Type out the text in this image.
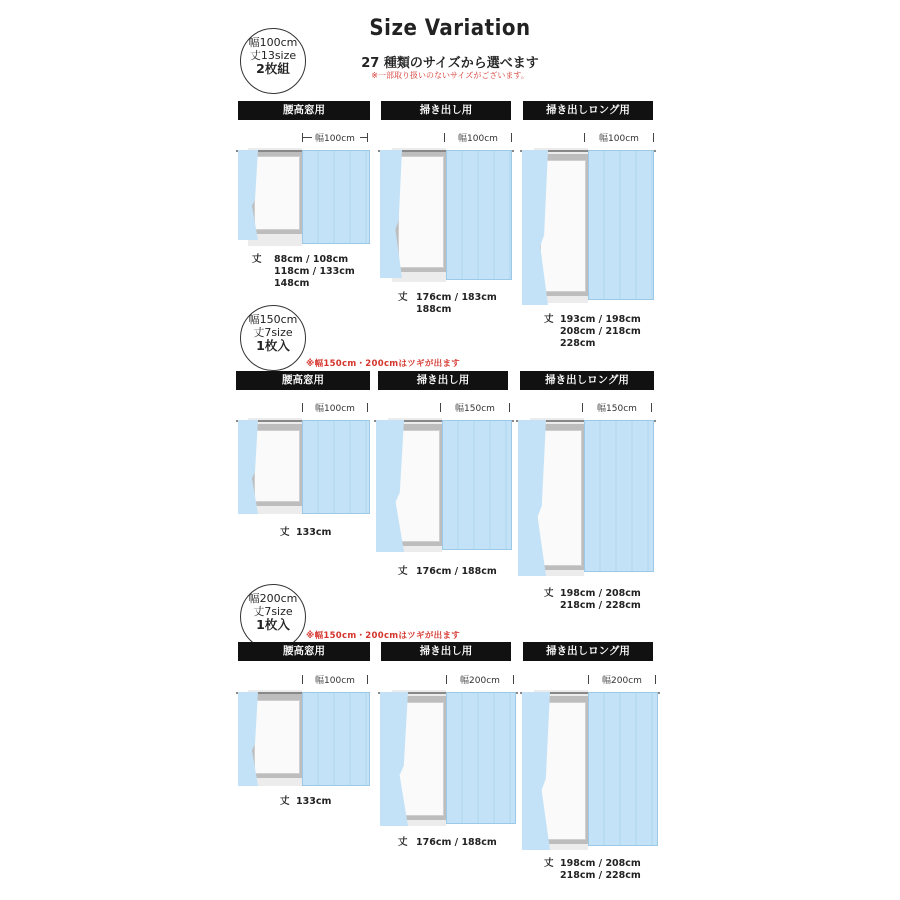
Size Variation
27 種類のサイズから選べます
※一部取り扱いのないサイズがございます。
幅100cm
丈13size
2枚組
腰高窓用	掃き出し用	掃き出しロング用
幅100cm
丈	88cm / 108cm
118cm / 133cm
148cm
幅100cm
丈 176cm / 183cm
188cm
幅100cm
丈 193cm / 198cm
208cm / 218cm
228cm
幅150cm
丈7size
1枚入
※幅150cm・200cmはツギが出ます
腰高窓用	掃き出し用	掃き出しロング用
幅100cm
丈 133cm
幅150cm
丈 176cm / 188cm
幅150cm
丈 198cm / 208cm
218cm / 228cm
幅200cm
丈7size
1枚入
※幅150cm・200cmはツギが出ます
腰高窓用	掃き出し用	掃き出しロング用
幅100cm
丈 133cm
幅200cm
丈 176cm / 188cm
幅200cm
丈 198cm / 208cm
218cm / 228cm
